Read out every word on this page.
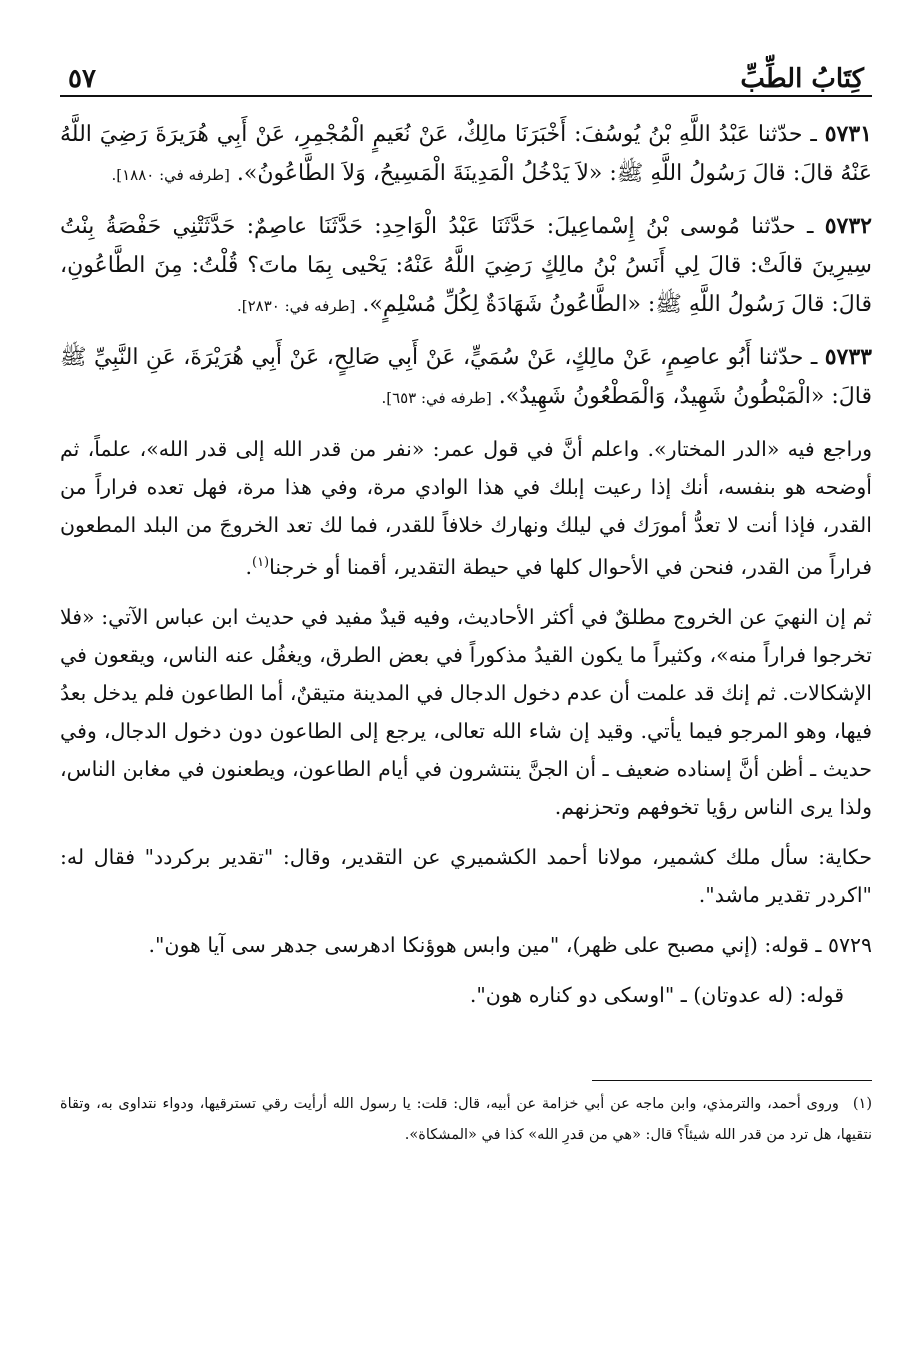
كِتَابُ الطِّبِّ
٥٧

٥٧٣١ ـ حدّثنا عَبْدُ اللَّهِ بْنُ يُوسُفَ: أَخْبَرَنَا مالِكٌ، عَنْ نُعَيمٍ الْمُجْمِرِ، عَنْ أَبِي هُرَيرَةَ رَضِيَ اللَّهُ عَنْهُ قالَ: قالَ رَسُولُ اللَّهِ ﷺ: «لاَ يَدْخُلُ الْمَدِينَةَ الْمَسِيحُ، وَلاَ الطَّاعُونُ». [طرفه في: ١٨٨٠].

٥٧٣٢ ـ حدّثنا مُوسى بْنُ إِسْماعِيلَ: حَدَّثَنَا عَبْدُ الْوَاحِدِ: حَدَّثَنَا عاصِمٌ: حَدَّثَتْنِي حَفْصَةُ بِنْتُ سِيرِينَ قالَتْ: قالَ لِي أَنَسُ بْنُ مالِكٍ رَضِيَ اللَّهُ عَنْهُ: يَحْيى بِمَا ماتَ؟ قُلْتُ: مِنَ الطَّاعُونِ، قالَ: قالَ رَسُولُ اللَّهِ ﷺ: «الطَّاعُونُ شَهَادَةٌ لِكُلِّ مُسْلِمٍ». [طرفه في: ٢٨٣٠].

٥٧٣٣ ـ حدّثنا أَبُو عاصِمٍ، عَنْ مالِكٍ، عَنْ سُمَيٍّ، عَنْ أَبِي صَالِحٍ، عَنْ أَبِي هُرَيْرَةَ، عَنِ النَّبِيِّ ﷺ قالَ: «الْمَبْطُونُ شَهِيدٌ، وَالْمَطْعُونُ شَهِيدٌ». [طرفه في: ٦٥٣].

وراجع فيه «الدر المختار». واعلم أنَّ في قول عمر: «نفر من قدر الله إلى قدر الله»، علماً، ثم أوضحه هو بنفسه، أنك إذا رعيت إبلك في هذا الوادي مرة، وفي هذا مرة، فهل تعده فراراً من القدر، فإذا أنت لا تعدُّ أمورَك في ليلك ونهارك خلافاً للقدر، فما لك تعد الخروجَ من البلد المطعون فراراً من القدر، فنحن في الأحوال كلها في حيطة التقدير، أقمنا أو خرجنا$^{(١)}$.

ثم إن النهيَ عن الخروج مطلقٌ في أكثر الأحاديث، وفيه قيدٌ مفيد في حديث ابن عباس الآتي: «فلا تخرجوا فراراً منه»، وكثيراً ما يكون القيدُ مذكوراً في بعض الطرق، ويغفُل عنه الناس، ويقعون في الإشكالات. ثم إنك قد علمت أن عدم دخول الدجال في المدينة متيقنٌ، أما الطاعون فلم يدخل بعدُ فيها، وهو المرجو فيما يأتي. وقيد إن شاء الله تعالى، يرجع إلى الطاعون دون دخول الدجال، وفي حديث ـ أظن أنَّ إسناده ضعيف ـ أن الجنَّ ينتشرون في أيام الطاعون، ويطعنون في مغابن الناس، ولذا يرى الناس رؤيا تخوفهم وتحزنهم.

حكاية: سأل ملك كشمير، مولانا أحمد الكشميري عن التقدير، وقال: "تقدير بركردد" فقال له: "اكردر تقدير ماشد".

٥٧٢٩ ـ قوله: (إني مصبح على ظهر)، "مين وابس هوؤنكا ادهرسى جدهر سى آيا هون".

قوله: (له عدوتان) ـ "اوسكى دو كناره هون".

(١)وروى أحمد، والترمذي، وابن ماجه عن أبي خزامة عن أبيه، قال: قلت: يا رسول الله أرأيت رقي تسترقيها، ودواء نتداوى به، وتقاة نتقيها، هل ترد من قدر الله شيئاً؟ قال: «هي من قدرِ الله» كذا في «المشكاة».
